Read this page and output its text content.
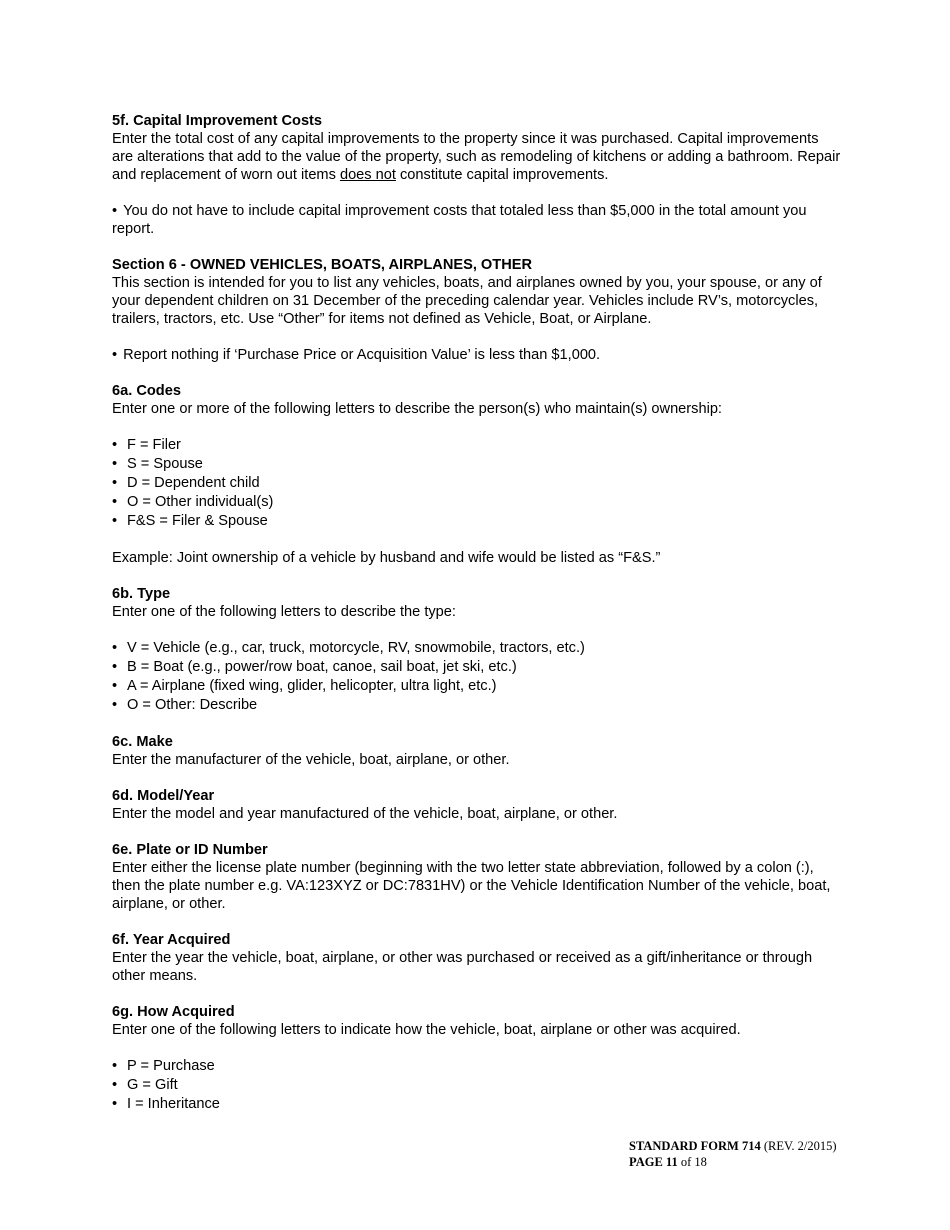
5f. Capital Improvement Costs

Enter the total cost of any capital improvements to the property since it was purchased. Capital improvements are alterations that add to the value of the property, such as remodeling of kitchens or adding a bathroom. Repair and replacement of worn out items does not constitute capital improvements.

• You do not have to include capital improvement costs that totaled less than $5,000 in the total amount you report.

Section 6 - OWNED VEHICLES, BOATS, AIRPLANES, OTHER

This section is intended for you to list any vehicles, boats, and airplanes owned by you, your spouse, or any of your dependent children on 31 December of the preceding calendar year. Vehicles include RV’s, motorcycles, trailers, tractors, etc. Use “Other” for items not defined as Vehicle, Boat, or Airplane.

• Report nothing if ‘Purchase Price or Acquisition Value’ is less than $1,000.

6a. Codes

Enter one or more of the following letters to describe the person(s) who maintain(s) ownership:

• F = Filer
• S = Spouse
• D = Dependent child
• O = Other individual(s)
• F&S = Filer & Spouse

Example: Joint ownership of a vehicle by husband and wife would be listed as “F&S.”

6b. Type

Enter one of the following letters to describe the type:

• V = Vehicle (e.g., car, truck, motorcycle, RV, snowmobile, tractors, etc.)
• B = Boat (e.g., power/row boat, canoe, sail boat, jet ski, etc.)
• A = Airplane (fixed wing, glider, helicopter, ultra light, etc.)
• O = Other: Describe

6c. Make

Enter the manufacturer of the vehicle, boat, airplane, or other.

6d. Model/Year

Enter the model and year manufactured of the vehicle, boat, airplane, or other.

6e. Plate or ID Number

Enter either the license plate number (beginning with the two letter state abbreviation, followed by a colon (:), then the plate number e.g. VA:123XYZ or DC:7831HV) or the Vehicle Identification Number of the vehicle, boat, airplane, or other.

6f. Year Acquired

Enter the year the vehicle, boat, airplane, or other was purchased or received as a gift/inheritance or through other means.

6g. How Acquired

Enter one of the following letters to indicate how the vehicle, boat, airplane or other was acquired.

• P = Purchase
• G = Gift
• I = Inheritance
STANDARD FORM 714 (REV. 2/2015)
PAGE 11 of 18
